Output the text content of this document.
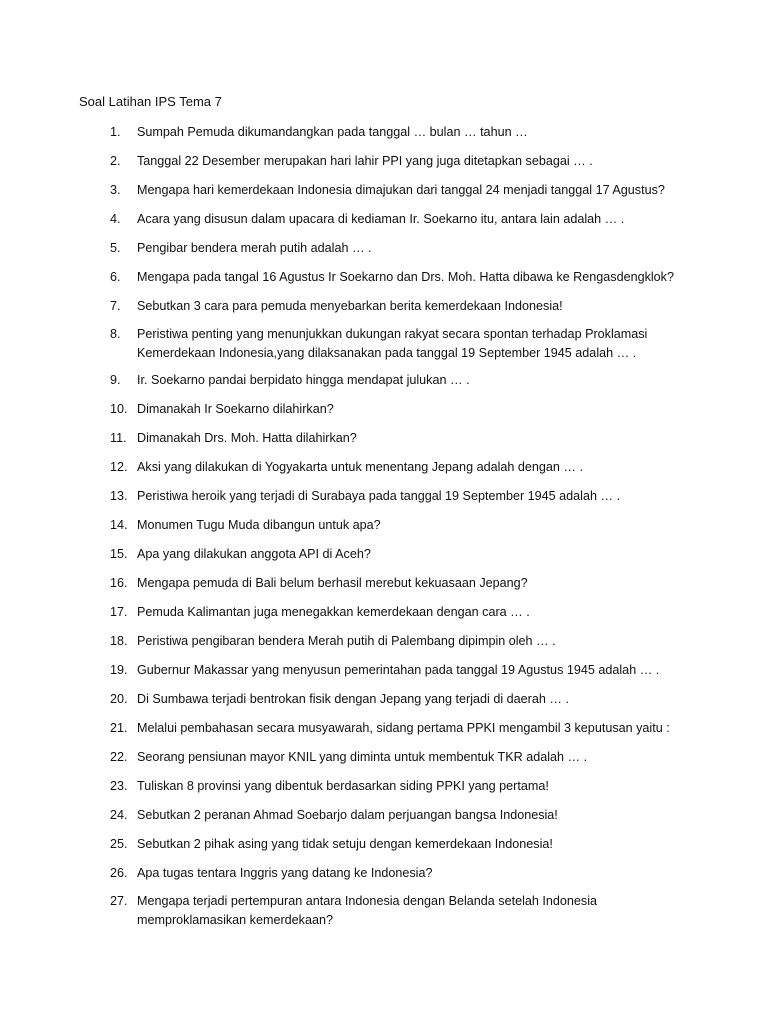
Soal Latihan IPS Tema 7
1.	Sumpah Pemuda dikumandangkan pada tanggal … bulan … tahun …
2.	Tanggal 22 Desember merupakan hari lahir PPI yang juga ditetapkan sebagai … .
3.	Mengapa hari kemerdekaan Indonesia dimajukan dari tanggal 24 menjadi tanggal 17 Agustus?
4.	Acara yang disusun dalam upacara di kediaman Ir. Soekarno itu, antara lain adalah … .
5.	Pengibar bendera merah putih adalah … .
6.	Mengapa pada tangal 16 Agustus Ir Soekarno dan Drs. Moh. Hatta dibawa ke Rengasdengklok?
7.	Sebutkan 3 cara para pemuda menyebarkan berita kemerdekaan Indonesia!
8.	Peristiwa penting yang menunjukkan dukungan rakyat secara spontan terhadap Proklamasi Kemerdekaan Indonesia,yang dilaksanakan pada tanggal 19 September 1945 adalah … .
9.	Ir. Soekarno pandai berpidato hingga mendapat julukan … .
10. Dimanakah Ir Soekarno dilahirkan?
11. Dimanakah Drs. Moh. Hatta dilahirkan?
12. Aksi yang dilakukan di Yogyakarta untuk menentang Jepang adalah dengan … .
13. Peristiwa heroik yang terjadi di Surabaya pada tanggal 19 September 1945 adalah … .
14. Monumen Tugu Muda dibangun untuk apa?
15. Apa yang dilakukan anggota API di Aceh?
16. Mengapa pemuda di Bali belum berhasil merebut kekuasaan Jepang?
17. Pemuda Kalimantan juga menegakkan kemerdekaan dengan cara … .
18. Peristiwa pengibaran bendera Merah putih di Palembang dipimpin oleh … .
19. Gubernur Makassar yang menyusun pemerintahan pada tanggal 19 Agustus 1945 adalah … .
20. Di Sumbawa terjadi bentrokan fisik dengan Jepang yang terjadi di daerah … .
21. Melalui pembahasan secara musyawarah, sidang pertama PPKI mengambil 3 keputusan yaitu :
22. Seorang pensiunan mayor KNIL yang diminta untuk membentuk TKR adalah … .
23. Tuliskan 8 provinsi yang dibentuk berdasarkan siding PPKI yang pertama!
24. Sebutkan 2 peranan Ahmad Soebarjo dalam perjuangan bangsa Indonesia!
25. Sebutkan 2 pihak asing yang tidak setuju dengan kemerdekaan Indonesia!
26. Apa tugas tentara Inggris yang datang ke Indonesia?
27. Mengapa terjadi pertempuran antara Indonesia dengan Belanda setelah Indonesia memproklamasikan kemerdekaan?
